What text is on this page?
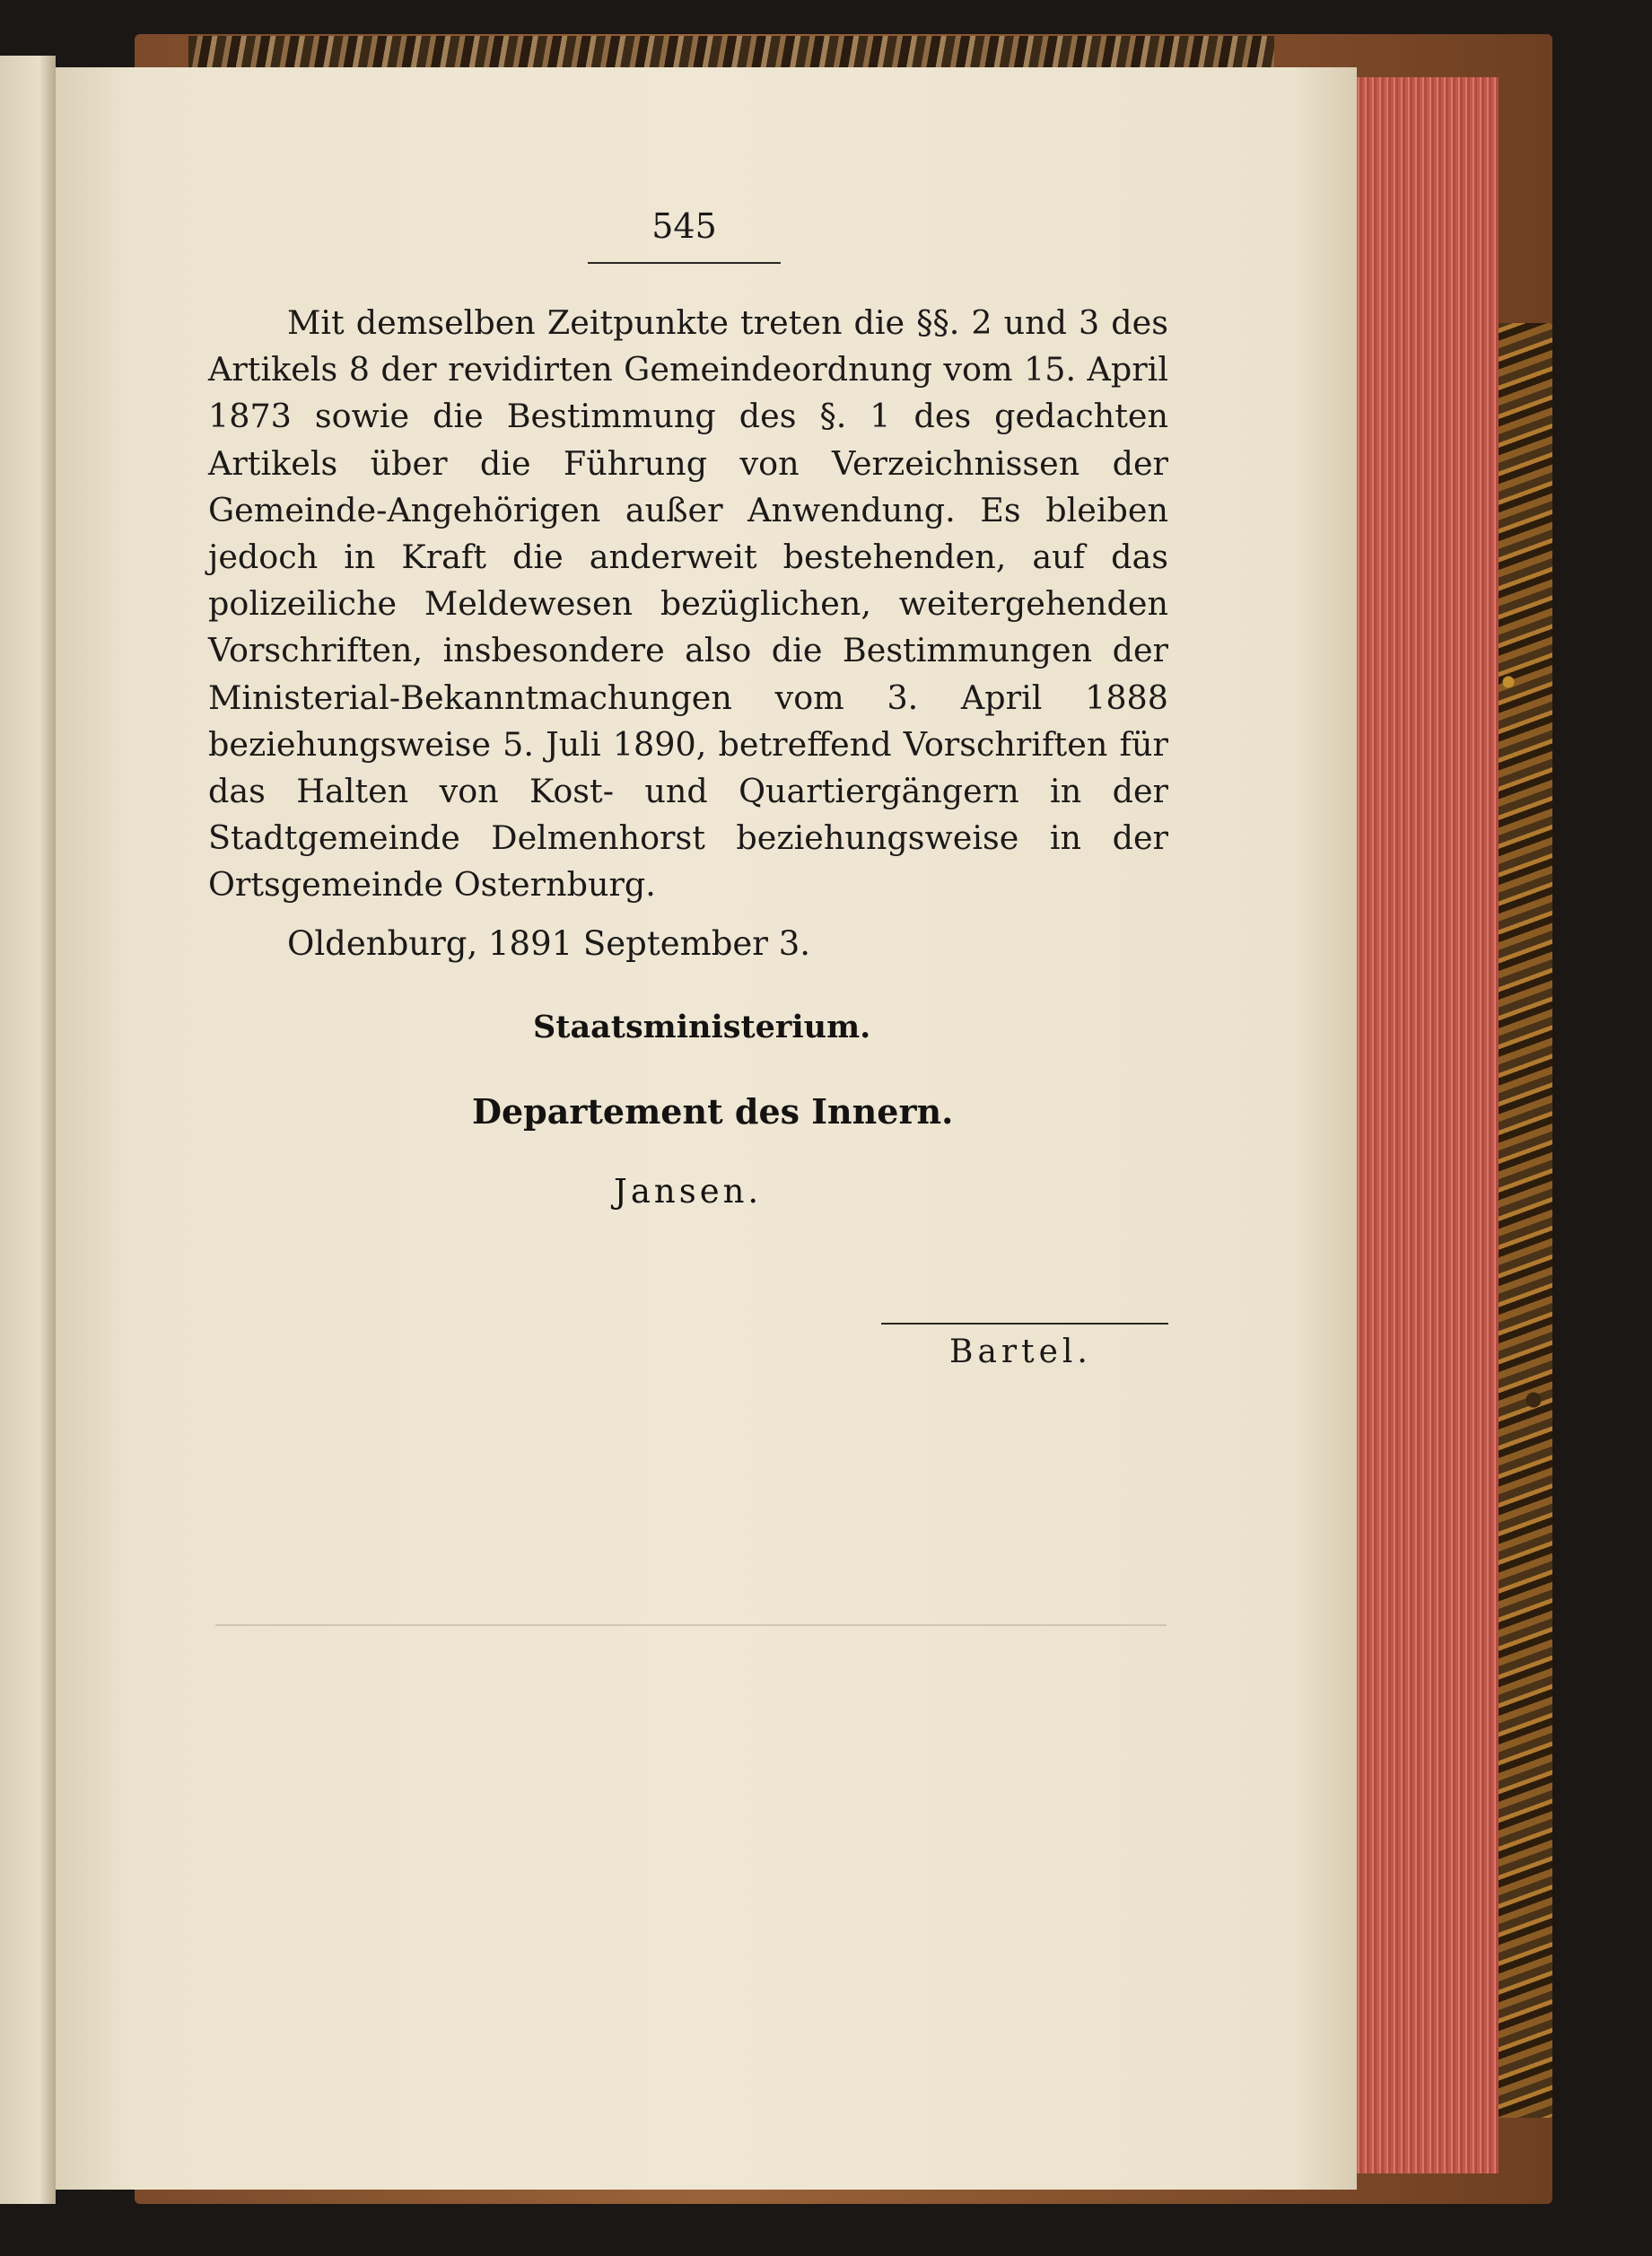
545

Mit demselben Zeitpunkte treten die §§. 2 und 3 des Artikels 8 der revidirten Gemeindeordnung vom 15. April 1873 sowie die Bestimmung des §. 1 des gedachten Artikels über die Führung von Verzeichnissen der Gemeinde-Angehörigen außer Anwendung. Es bleiben jedoch in Kraft die anderweit bestehenden, auf das polizeiliche Meldewesen bezüglichen, weitergehenden Vorschriften, insbesondere also die Bestimmungen der Ministerial-Bekanntmachungen vom 3. April 1888 beziehungsweise 5. Juli 1890, betreffend Vorschriften für das Halten von Kost- und Quartiergängern in der Stadtgemeinde Delmenhorst beziehungsweise in der Ortsgemeinde Osternburg.

Oldenburg, 1891 September 3.
Staatsministerium.
Departement des Innern.
Jansen.
Bartel.
